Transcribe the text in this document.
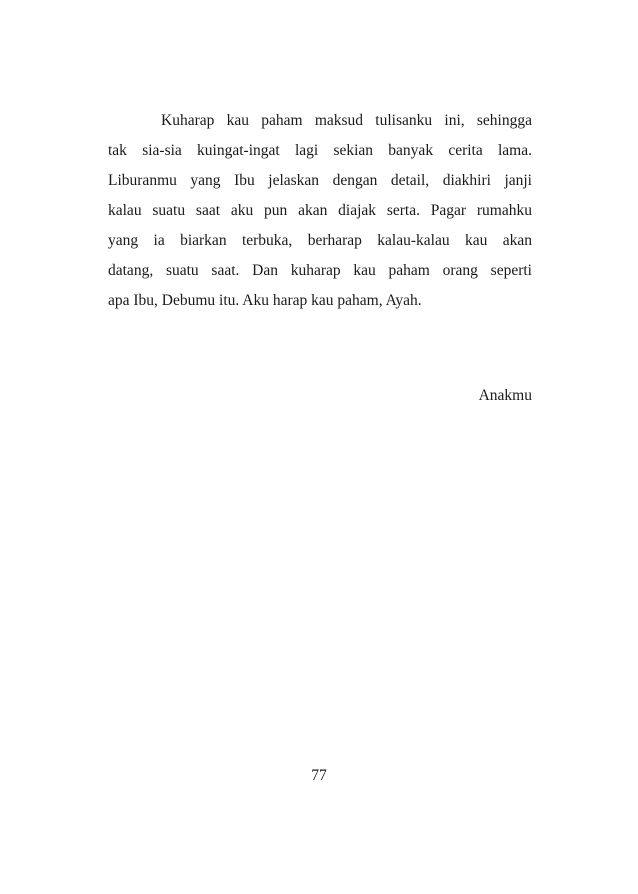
Kuharap kau paham maksud tulisanku ini, sehingga
tak sia-sia kuingat-ingat lagi sekian banyak cerita lama.
Liburanmu yang Ibu jelaskan dengan detail, diakhiri janji
kalau suatu saat aku pun akan diajak serta. Pagar rumahku
yang ia biarkan terbuka, berharap kalau-kalau kau akan
datang, suatu saat. Dan kuharap kau paham orang seperti
apa Ibu, Debumu itu. Aku harap kau paham, Ayah.
Anakmu
77
